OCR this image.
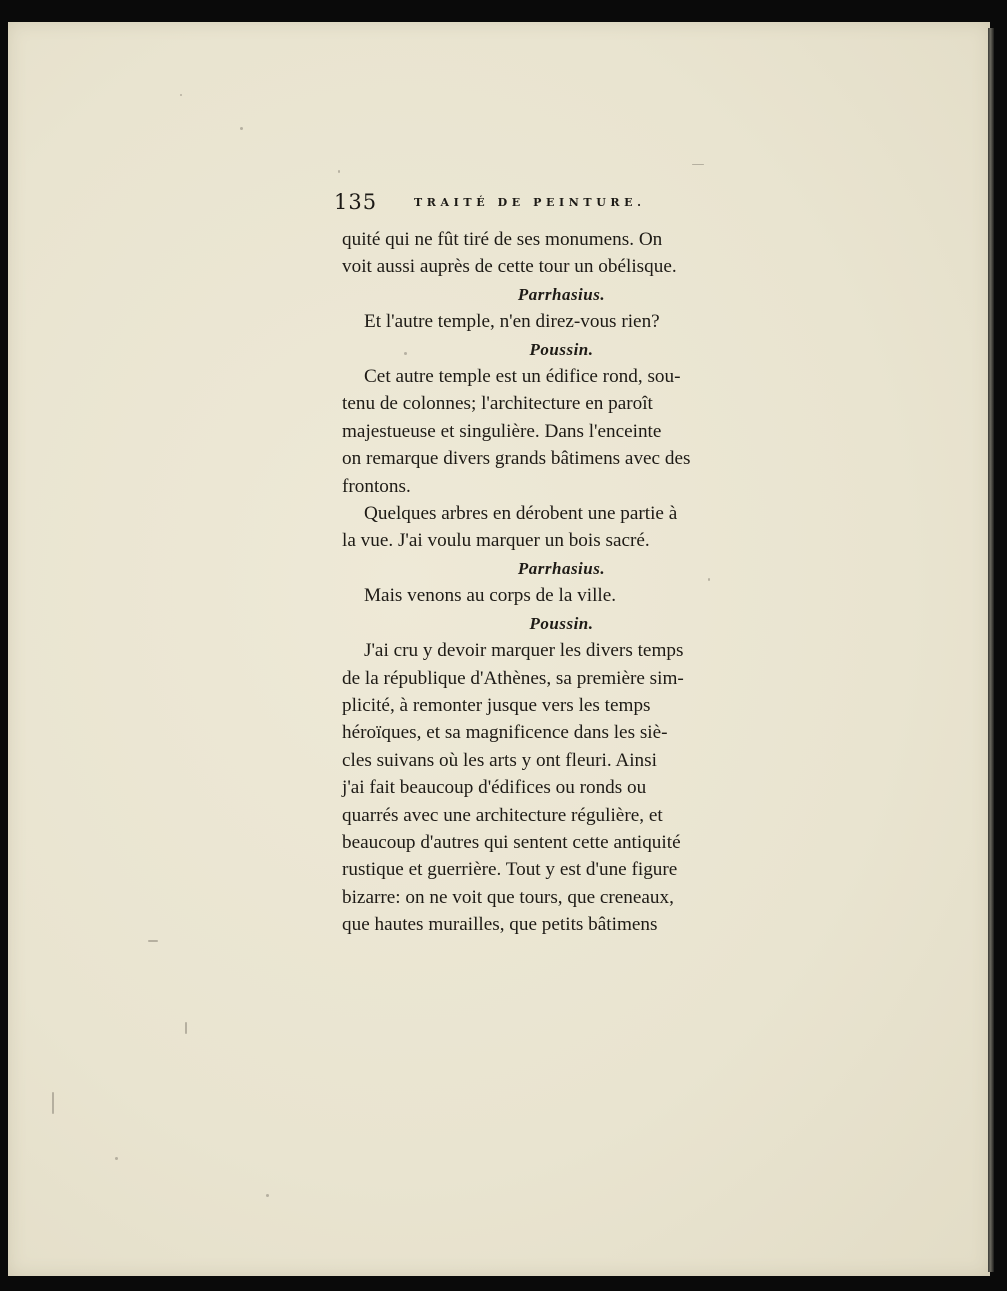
135	TRAITÉ DE PEINTURE.

quité qui ne fût tiré de ses monumens. On

voit aussi auprès de cette tour un obélisque.

Parrhasius.

Et l'autre temple, n'en direz-vous rien?

Poussin.

Cet autre temple est un édifice rond, sou-

tenu de colonnes; l'architecture en paroît

majestueuse et singulière. Dans l'enceinte

on remarque divers grands bâtimens avec des

frontons.

Quelques arbres en dérobent une partie à

la vue. J'ai voulu marquer un bois sacré.

Parrhasius.

Mais venons au corps de la ville.

Poussin.

J'ai cru y devoir marquer les divers temps

de la république d'Athènes, sa première sim-

plicité, à remonter jusque vers les temps

héroïques, et sa magnificence dans les siè-

cles suivans où les arts y ont fleuri. Ainsi

j'ai fait beaucoup d'édifices ou ronds ou

quarrés avec une architecture régulière, et

beaucoup d'autres qui sentent cette antiquité

rustique et guerrière. Tout y est d'une figure

bizarre: on ne voit que tours, que creneaux,

que hautes murailles, que petits bâtimens
